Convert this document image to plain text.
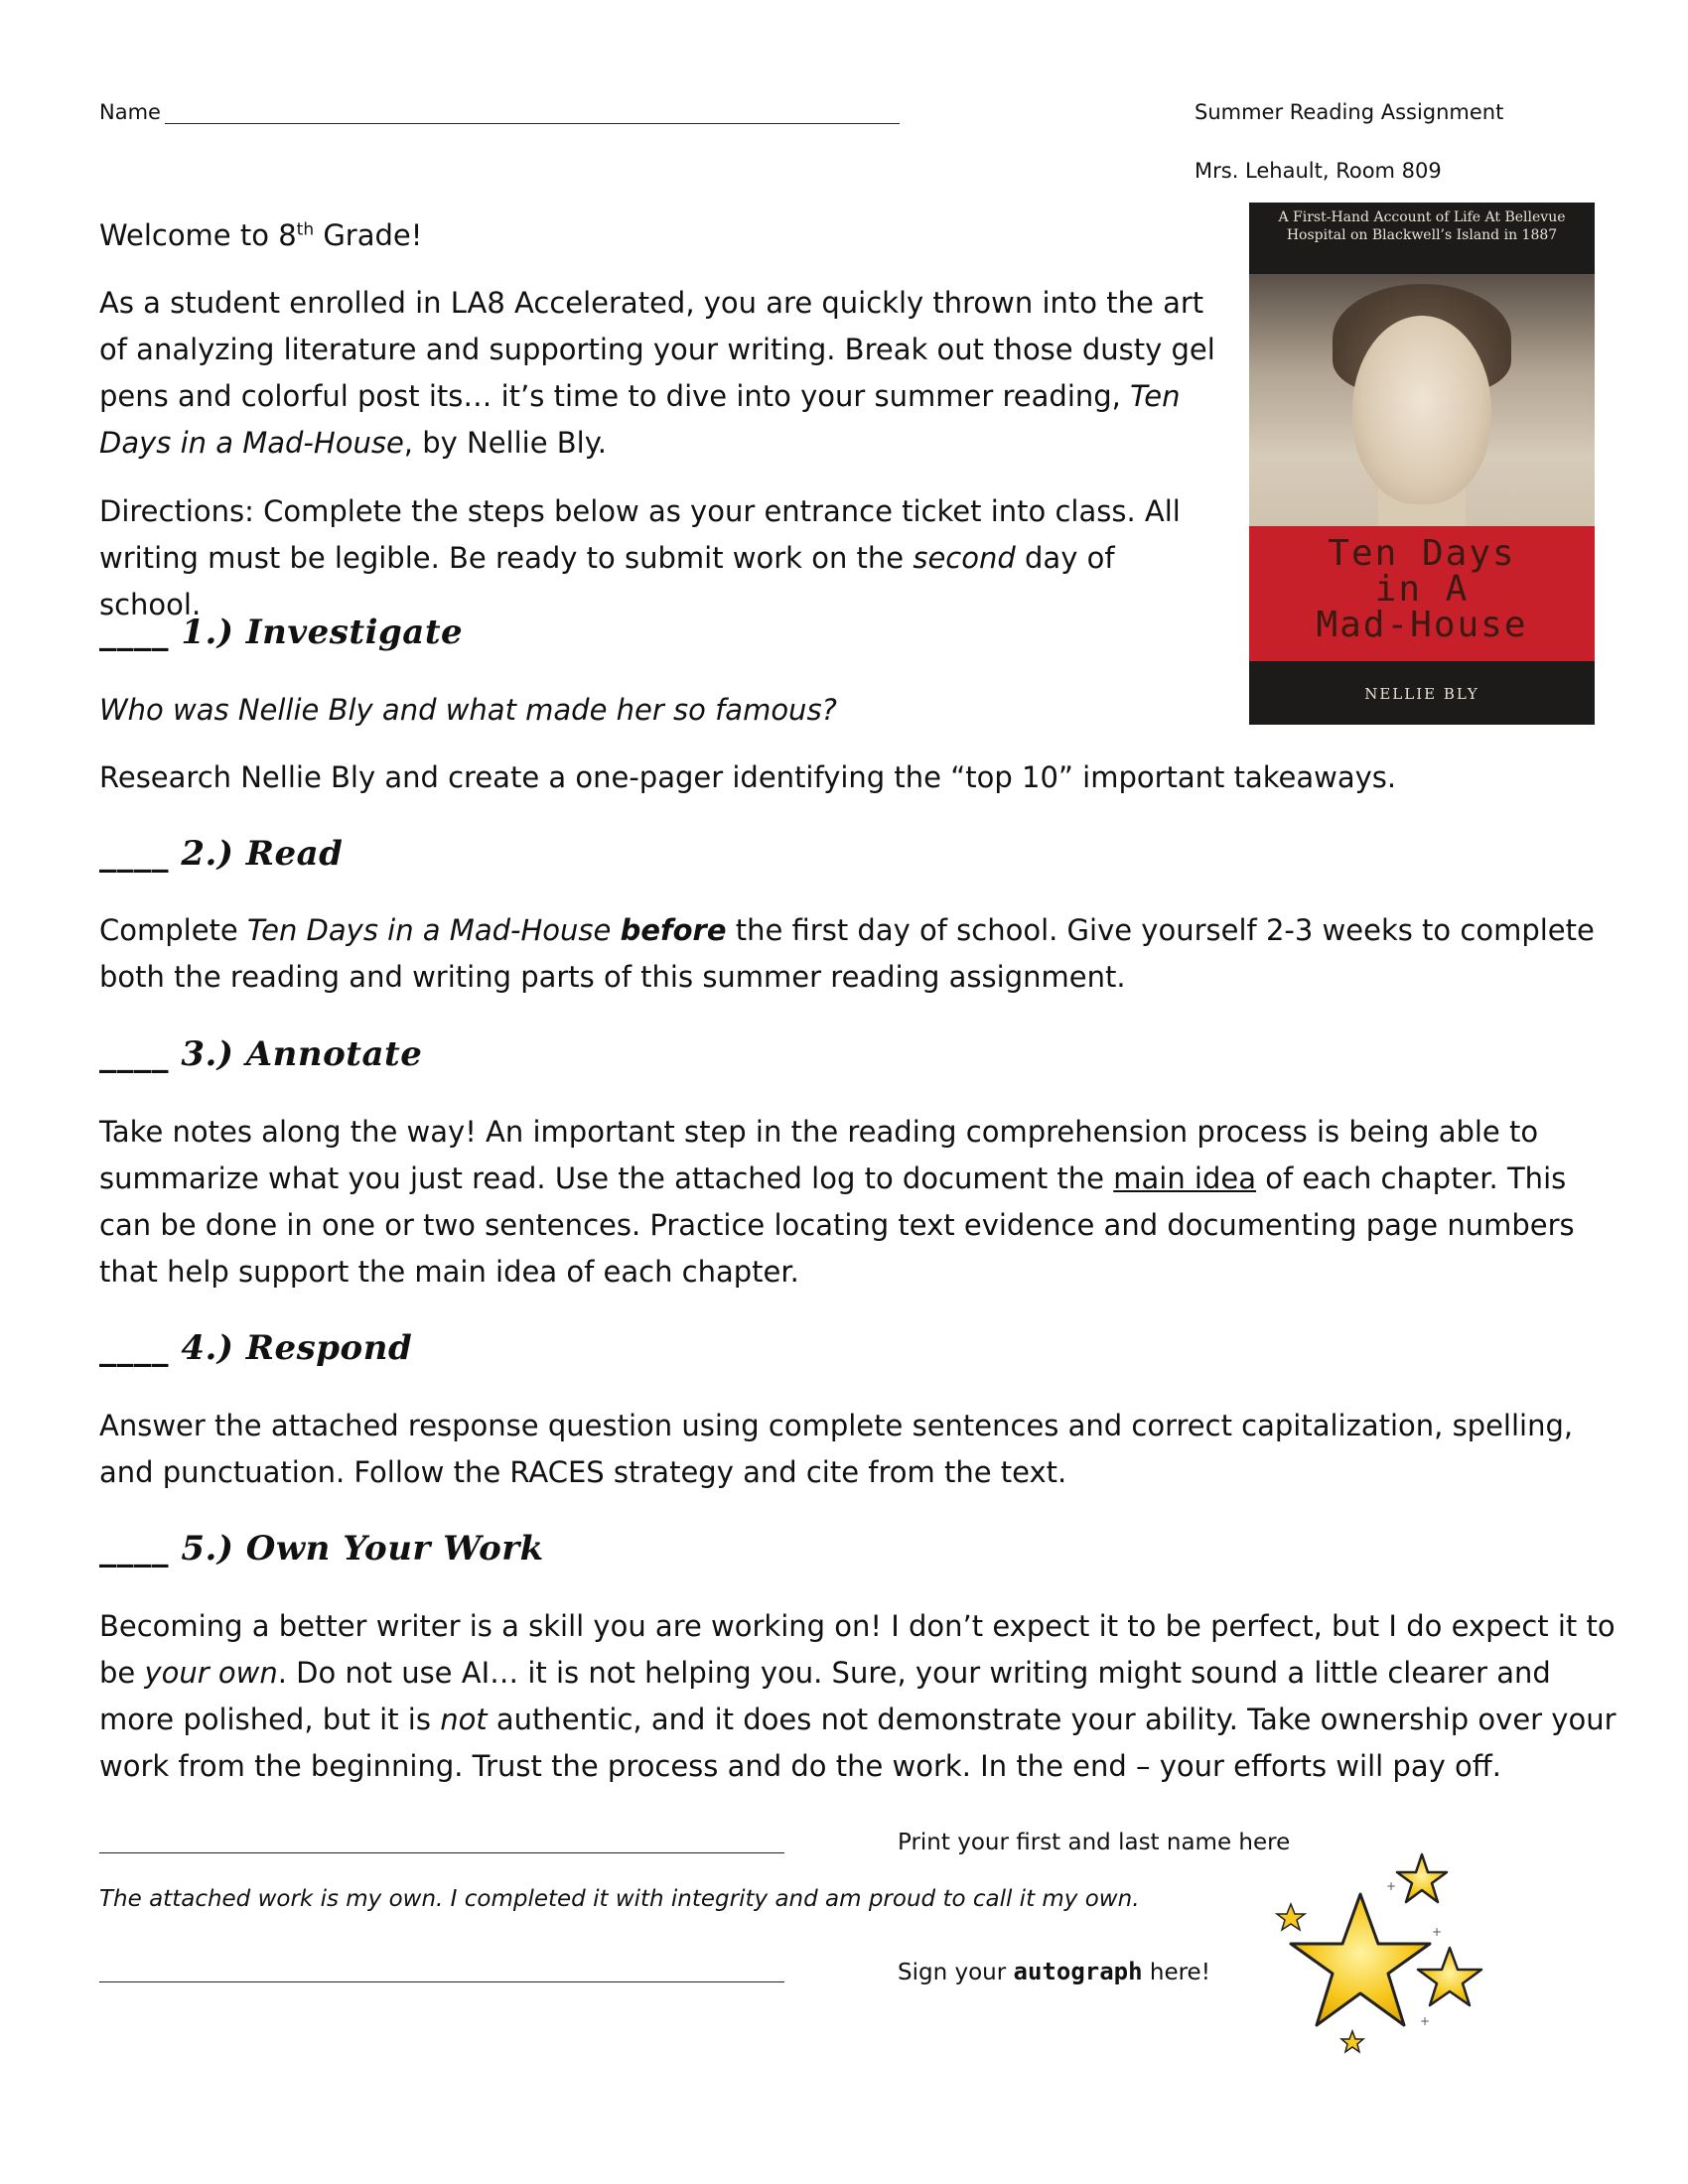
Name	Summer Reading Assignment
Mrs. Lehault, Room 809
Welcome to 8th Grade!
As a student enrolled in LA8 Accelerated, you are quickly thrown into the art of analyzing literature and supporting your writing. Break out those dusty gel pens and colorful post its… it’s time to dive into your summer reading, Ten Days in a Mad-House, by Nellie Bly.
Directions: Complete the steps below as your entrance ticket into class. All writing must be legible. Be ready to submit work on the second day of school.
A First-Hand Account of Life At Bellevue Hospital on Blackwell’s Island in 1887
Ten Days
in A
Mad-House
NELLIE BLY
____ 1.) Investigate
Who was Nellie Bly and what made her so famous?
Research Nellie Bly and create a one-pager identifying the “top 10” important takeaways.
____ 2.) Read
Complete Ten Days in a Mad-House before the first day of school. Give yourself 2-3 weeks to complete both the reading and writing parts of this summer reading assignment.
____ 3.) Annotate
Take notes along the way! An important step in the reading comprehension process is being able to summarize what you just read. Use the attached log to document the main idea of each chapter. This can be done in one or two sentences. Practice locating text evidence and documenting page numbers that help support the main idea of each chapter.
____ 4.) Respond
Answer the attached response question using complete sentences and correct capitalization, spelling, and punctuation. Follow the RACES strategy and cite from the text.
____ 5.) Own Your Work
Becoming a better writer is a skill you are working on! I don’t expect it to be perfect, but I do expect it to be your own. Do not use AI… it is not helping you. Sure, your writing might sound a little clearer and more polished, but it is not authentic, and it does not demonstrate your ability. Take ownership over your work from the beginning. Trust the process and do the work. In the end – your efforts will pay off.
Print your first and last name here
The attached work is my own. I completed it with integrity and am proud to call it my own.
Sign your autograph here!
+
+
+
